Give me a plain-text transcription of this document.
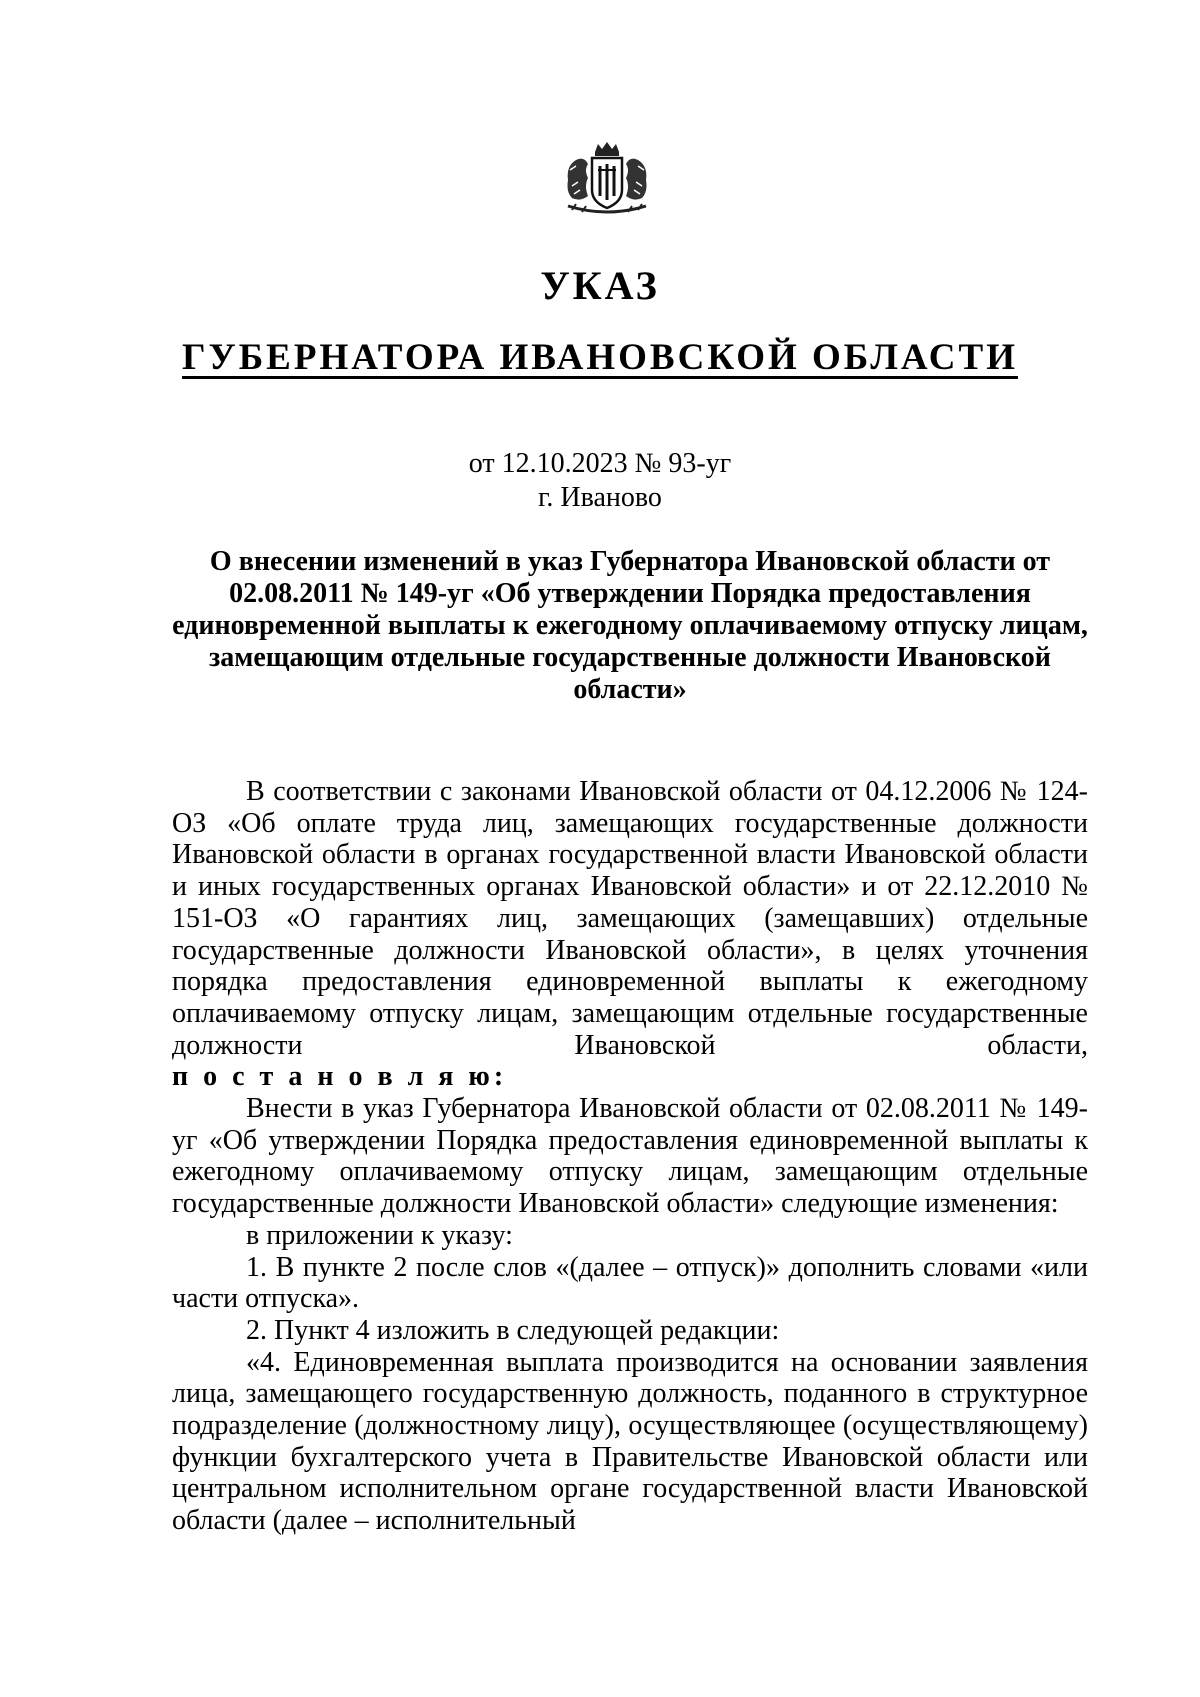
УКАЗ
ГУБЕРНАТОРА ИВАНОВСКОЙ ОБЛАСТИ
от 12.10.2023 № 93-уг
г. Иваново
О внесении изменений в указ Губернатора Ивановской области от 02.08.2011 № 149-уг «Об утверждении Порядка предоставления единовременной выплаты к ежегодному оплачиваемому отпуску лицам, замещающим отдельные государственные должности Ивановской области»

В соответствии с законами Ивановской области от 04.12.2006 № 124-ОЗ «Об оплате труда лиц, замещающих государственные должности Ивановской области в органах государственной власти Ивановской области и иных государственных органах Ивановской области» и от 22.12.2010 № 151-ОЗ «О гарантиях лиц, замещающих (замещавших) отдельные государственные должности Ивановской области», в целях уточнения порядка предоставления единовременной выплаты к ежегодному оплачиваемому отпуску лицам, замещающим отдельные государственные должности Ивановской области,

п о с т а н о в л я ю:

Внести в указ Губернатора Ивановской области от 02.08.2011 № 149-уг «Об утверждении Порядка предоставления единовременной выплаты к ежегодному оплачиваемому отпуску лицам, замещающим отдельные государственные должности Ивановской области» следующие изменения:

в приложении к указу:

1. В пункте 2 после слов «(далее – отпуск)» дополнить словами «или части отпуска».

2. Пункт 4 изложить в следующей редакции:

«4. Единовременная выплата производится на основании заявления лица, замещающего государственную должность, поданного в структурное подразделение (должностному лицу), осуществляющее (осуществляющему) функции бухгалтерского учета в Правительстве Ивановской области или центральном исполнительном органе государственной власти Ивановской области (далее – исполнительный
